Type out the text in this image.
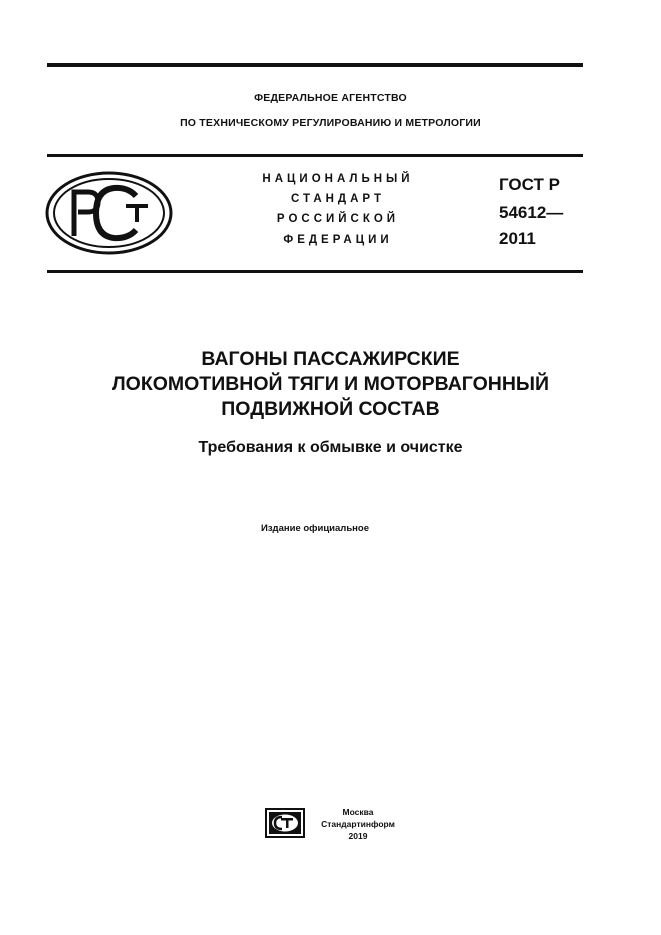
ФЕДЕРАЛЬНОЕ АГЕНТСТВО
ПО ТЕХНИЧЕСКОМУ РЕГУЛИРОВАНИЮ И МЕТРОЛОГИИ
НАЦИОНАЛЬНЫЙ
СТАНДАРТ
РОССИЙСКОЙ
ФЕДЕРАЦИИ
ГОСТ Р
54612—
2011
ВАГОНЫ ПАССАЖИРСКИЕ
ЛОКОМОТИВНОЙ ТЯГИ И МОТОРВАГОННЫЙ
ПОДВИЖНОЙ СОСТАВ
Требования к обмывке и очистке
Издание официальное
Москва
Стандартинформ
2019
